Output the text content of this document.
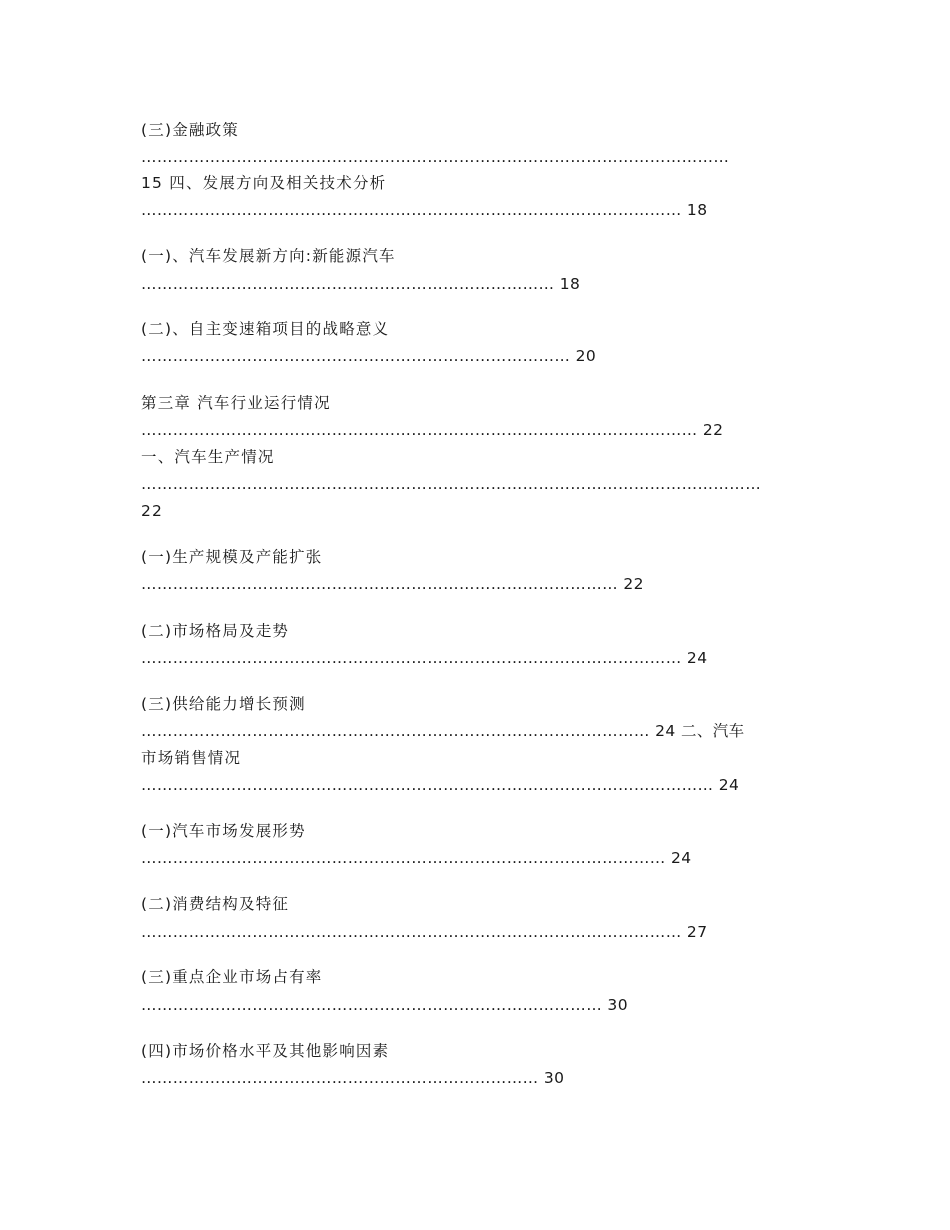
(三)金融政策
…………………………………………………………………………………………………
15 四、发展方向及相关技术分析
………………………………………………………………………………………… 18
(一)、汽车发展新方向:新能源汽车
…………………………………………………………………… 18
(二)、自主变速箱项目的战略意义
……………………………………………………………………… 20
第三章 汽车行业运行情况
…………………………………………………………………………………………… 22
一、汽车生产情况
………………………………………………………………………………………………………
22
(一)生产规模及产能扩张
……………………………………………………………………………… 22
(二)市场格局及走势
………………………………………………………………………………………… 24
(三)供给能力增长预测
…………………………………………………………………………………… 24 二、汽车
市场销售情况
……………………………………………………………………………………………… 24
(一)汽车市场发展形势
……………………………………………………………………………………… 24
(二)消费结构及特征
………………………………………………………………………………………… 27
(三)重点企业市场占有率
…………………………………………………………………………… 30
(四)市场价格水平及其他影响因素
………………………………………………………………… 30
